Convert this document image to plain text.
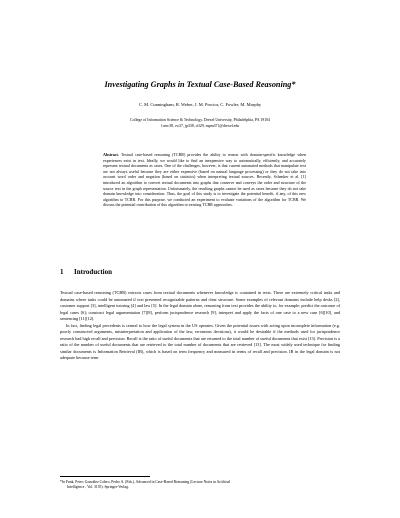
Investigating Graphs in Textual Case-Based Reasoning*
C. M. Cunningham, R. Weber, J. M. Proctor, C. Fowler, M. Murphy
College of Information Science & Technology, Drexel University, Philadelphia, PA 19104
{cmc38, rw37, jp338, clf29, mpm37}@drexel.edu
Abstract. Textual case-based reasoning (TCBR) provides the ability to reason with domain-specific knowledge when experiences exist in text. Ideally, we would like to find an inexpensive way to automatically, efficiently, and accurately represent textual documents as cases. One of the challenges, however, is that current automated methods that manipulate text are not always useful because they are either expensive (based on natural language processing) or they do not take into account word order and negation (based on statistics) when interpreting textual sources. Recently, Schenker et al. [1] introduced an algorithm to convert textual documents into graphs that conserve and conveys the order and structure of the source text in the graph representation. Unfortunately, the resulting graphs cannot be used as cases because they do not take domain knowledge into consideration. Thus, the goal of this study is to investigate the potential benefit, if any, of this new algorithm to TCBR. For this purpose, we conducted an experiment to evaluate variations of the algorithm for TCBR. We discuss the potential contribution of this algorithm to existing TCBR approaches.
1 Introduction

Textual case-based reasoning (TCBR) extracts cases from textual documents whenever knowledge is contained in texts. There are extremely critical tasks and domains where tasks could be automated if text presented recognizable patterns and clear structure. Some examples of relevant domains include help desks [2], customer support [3], intelligent tutoring [4] and law [5]. In the legal domain alone, reasoning from text provides the ability to, for example: predict the outcome of legal cases [6]; construct legal argumentation [7][8], perform jurisprudence research [9], interpret and apply the facts of one case to a new case [6][10], and sentencing [11][12].

In fact, finding legal precedents is central to how the legal system in the US operates. Given the potential issues with acting upon incomplete information (e.g. poorly constructed arguments, misinterpretation and application of the law, erroneous decisions), it would be desirable if the methods used for jurisprudence research had high recall and precision. Recall is the ratio of useful documents that are returned to the total number of useful documents that exist [13]. Precision is a ratio of the number of useful documents that are retrieved to the total number of documents that are retrieved [13]. The most widely used technique for finding similar documents is Information Retrieval (IR), which is based on term frequency and measured in terms of recall and precision. IR in the legal domain is not adequate because term

*In Funk, Peter; González Calero, Pedro A. (Eds.), Advanced in Case-Based Reasoning (Lecture Notes in Artificial
Intelligence , Vol. 3155). Springer-Verlag.
